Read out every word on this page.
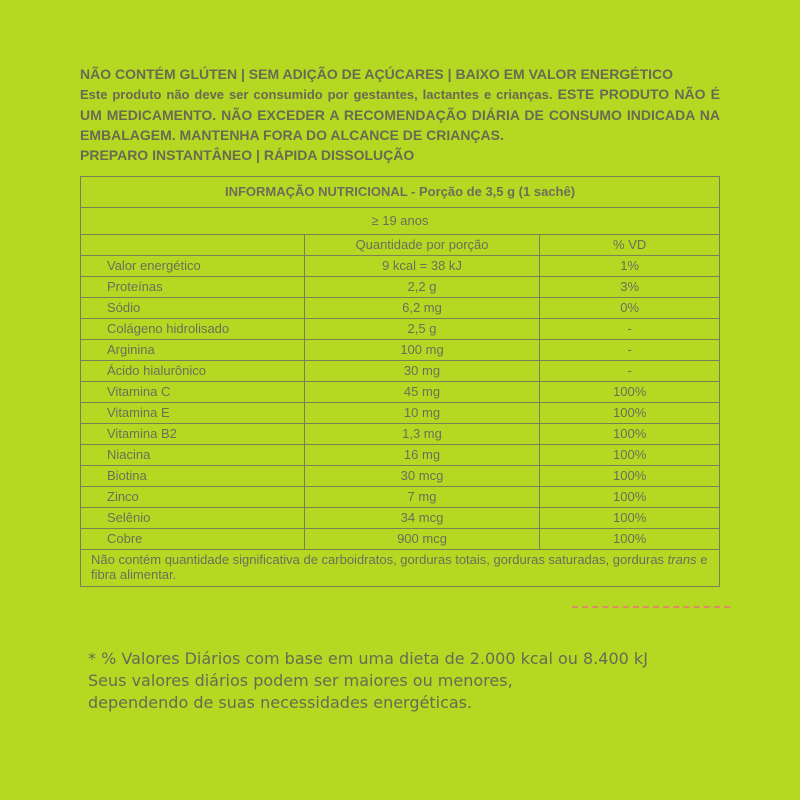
NÃO CONTÉM GLÚTEN | SEM ADIÇÃO DE AÇÚCARES | BAIXO EM VALOR ENERGÉTICO

Este produto não deve ser consumido por gestantes, lactantes e crianças. ESTE PRODUTO NÃO É UM MEDICAMENTO. NÃO EXCEDER A RECOMENDAÇÃO DIÁRIA DE CONSUMO INDICADA NA EMBALAGEM. MANTENHA FORA DO ALCANCE DE CRIANÇAS.

PREPARO INSTANTÂNEO | RÁPIDA DISSOLUÇÃO

INFORMAÇÃO NUTRICIONAL - Porção de 3,5 g (1 sachê)		
≥ 19 anos		
	Quantidade por porção	% VD
Valor energético	9 kcal = 38 kJ	1%
Proteínas	2,2 g	3%
Sódio	6,2 mg	0%
Colágeno hidrolisado	2,5 g	-
Arginina	100 mg	-
Ácido hialurônico	30 mg	-
Vitamina C	45 mg	100%
Vitamina E	10 mg	100%
Vitamina B2	1,3 mg	100%
Niacina	16 mg	100%
Biotina	30 mcg	100%
Zinco	7 mg	100%
Selênio	34 mcg	100%
Cobre	900 mcg	100%
Não contém quantidade significativa de carboidratos, gorduras totais, gorduras saturadas, gorduras trans e fibra alimentar.		

* % Valores Diários com base em uma dieta de 2.000 kcal ou 8.400 kJ

Seus valores diários podem ser maiores ou menores,

dependendo de suas necessidades energéticas.
